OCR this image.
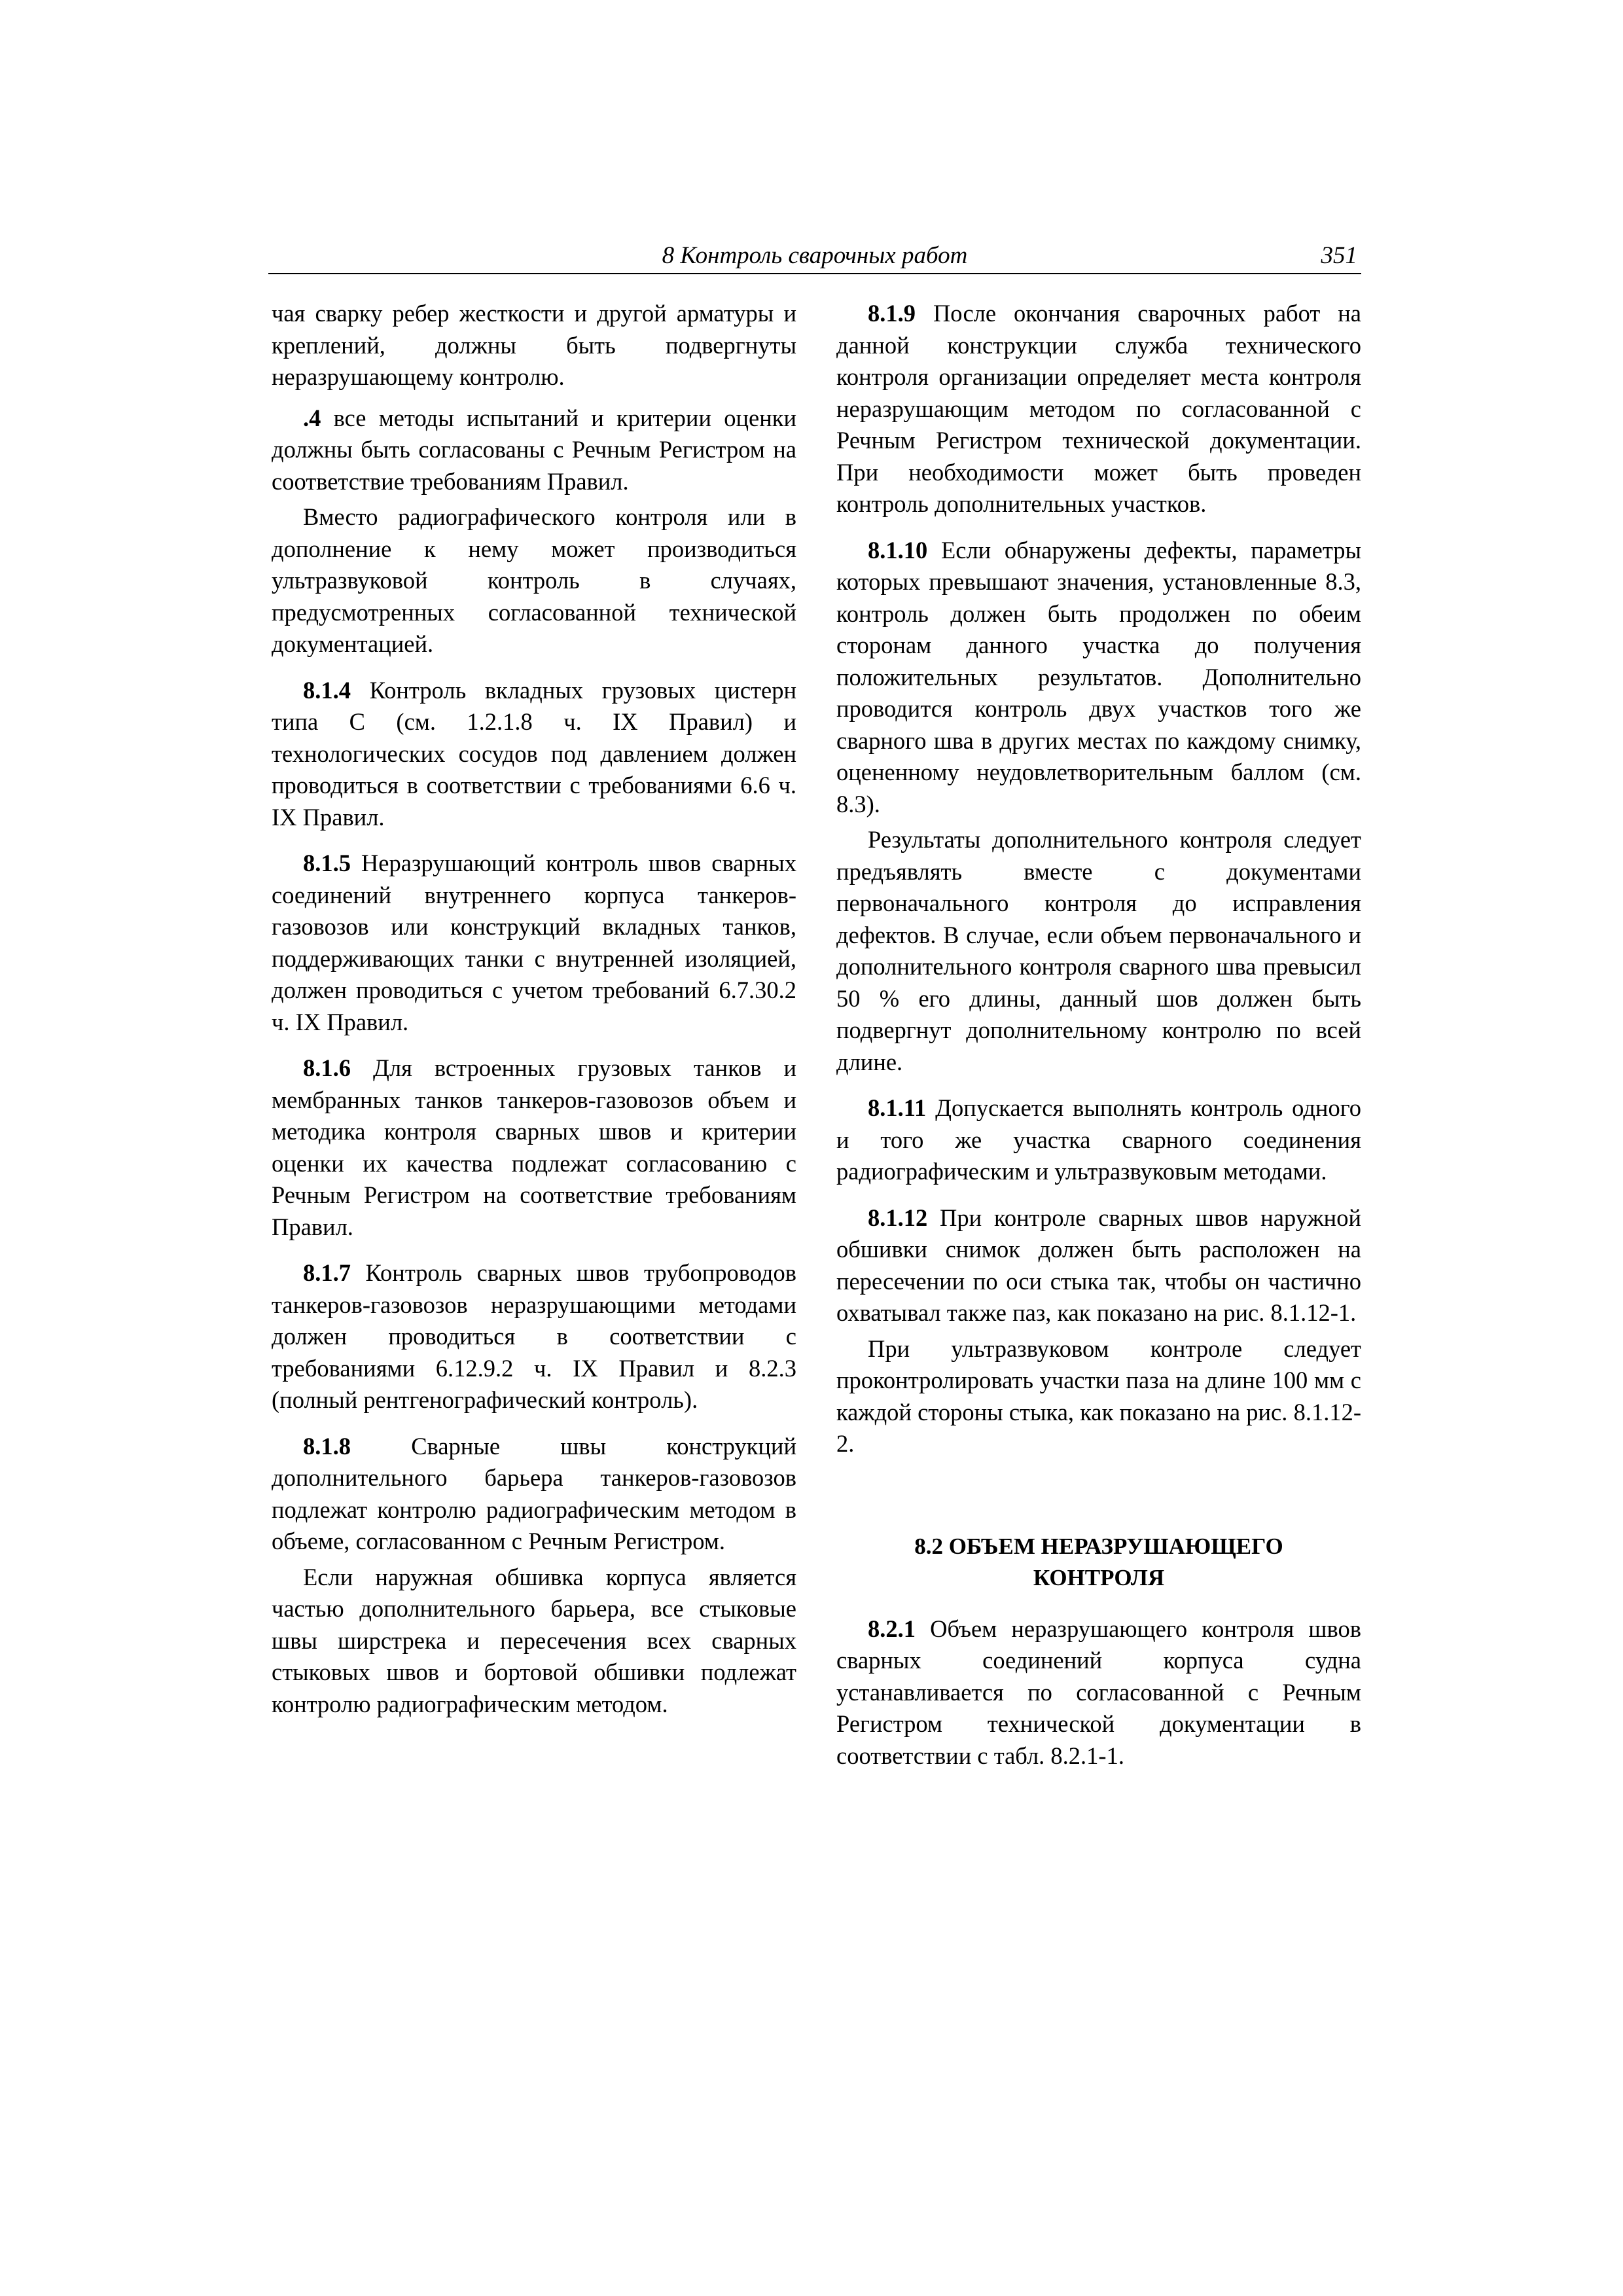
8 Контроль сварочных работ	351

чая сварку ребер жесткости и другой арматуры и креплений, должны быть подвергнуты неразрушающему контролю.

.4 все методы испытаний и критерии оценки должны быть согласованы с Речным Регистром на соответствие требованиям Правил.

Вместо радиографического контроля или в дополнение к нему может производиться ультразвуковой контроль в случаях, предусмотренных согласованной технической документацией.

8.1.4 Контроль вкладных грузовых цистерн типа С (см. 1.2.1.8 ч. IX Правил) и технологических сосудов под давлением должен проводиться в соответствии с требованиями 6.6 ч. IX Правил.

8.1.5 Неразрушающий контроль швов сварных соединений внутреннего корпуса танкеров-газовозов или конструкций вкладных танков, поддерживающих танки с внутренней изоляцией, должен проводиться с учетом требований 6.7.30.2 ч. IX Правил.

8.1.6 Для встроенных грузовых танков и мембранных танков танкеров-газовозов объем и методика контроля сварных швов и критерии оценки их качества подлежат согласованию с Речным Регистром на соответствие требованиям Правил.

8.1.7 Контроль сварных швов трубопроводов танкеров-газовозов неразрушающими методами должен проводиться в соответствии с требованиями 6.12.9.2 ч. IX Правил и 8.2.3 (полный рентгенографический контроль).

8.1.8 Сварные швы конструкций дополнительного барьера танкеров-газовозов подлежат контролю радиографическим методом в объеме, согласованном с Речным Регистром.

Если наружная обшивка корпуса является частью дополнительного барьера, все стыковые швы ширстрека и пересечения всех сварных стыковых швов и бортовой обшивки подлежат контролю радиографическим методом.

8.1.9 После окончания сварочных работ на данной конструкции служба технического контроля организации определяет места контроля неразрушающим методом по согласованной с Речным Регистром технической документации. При необходимости может быть проведен контроль дополнительных участков.

8.1.10 Если обнаружены дефекты, параметры которых превышают значения, установленные 8.3, контроль должен быть продолжен по обеим сторонам данного участка до получения положительных результатов. Дополнительно проводится контроль двух участков того же сварного шва в других местах по каждому снимку, оцененному неудовлетворительным баллом (см. 8.3).

Результаты дополнительного контроля следует предъявлять вместе с документами первоначального контроля до исправления дефектов. В случае, если объем первоначального и дополнительного контроля сварного шва превысил 50 % его длины, данный шов должен быть подвергнут дополнительному контролю по всей длине.

8.1.11 Допускается выполнять контроль одного и того же участка сварного соединения радиографическим и ультразвуковым методами.

8.1.12 При контроле сварных швов наружной обшивки снимок должен быть расположен на пересечении по оси стыка так, чтобы он частично охватывал также паз, как показано на рис. 8.1.12-1.

При ультразвуковом контроле следует проконтролировать участки паза на длине 100 мм с каждой стороны стыка, как показано на рис. 8.1.12-2.

8.2 ОБЪЕМ НЕРАЗРУШАЮЩЕГО
КОНТРОЛЯ

8.2.1 Объем неразрушающего контроля швов сварных соединений корпуса судна устанавливается по согласованной с Речным Регистром технической документации в соответствии с табл. 8.2.1-1.
